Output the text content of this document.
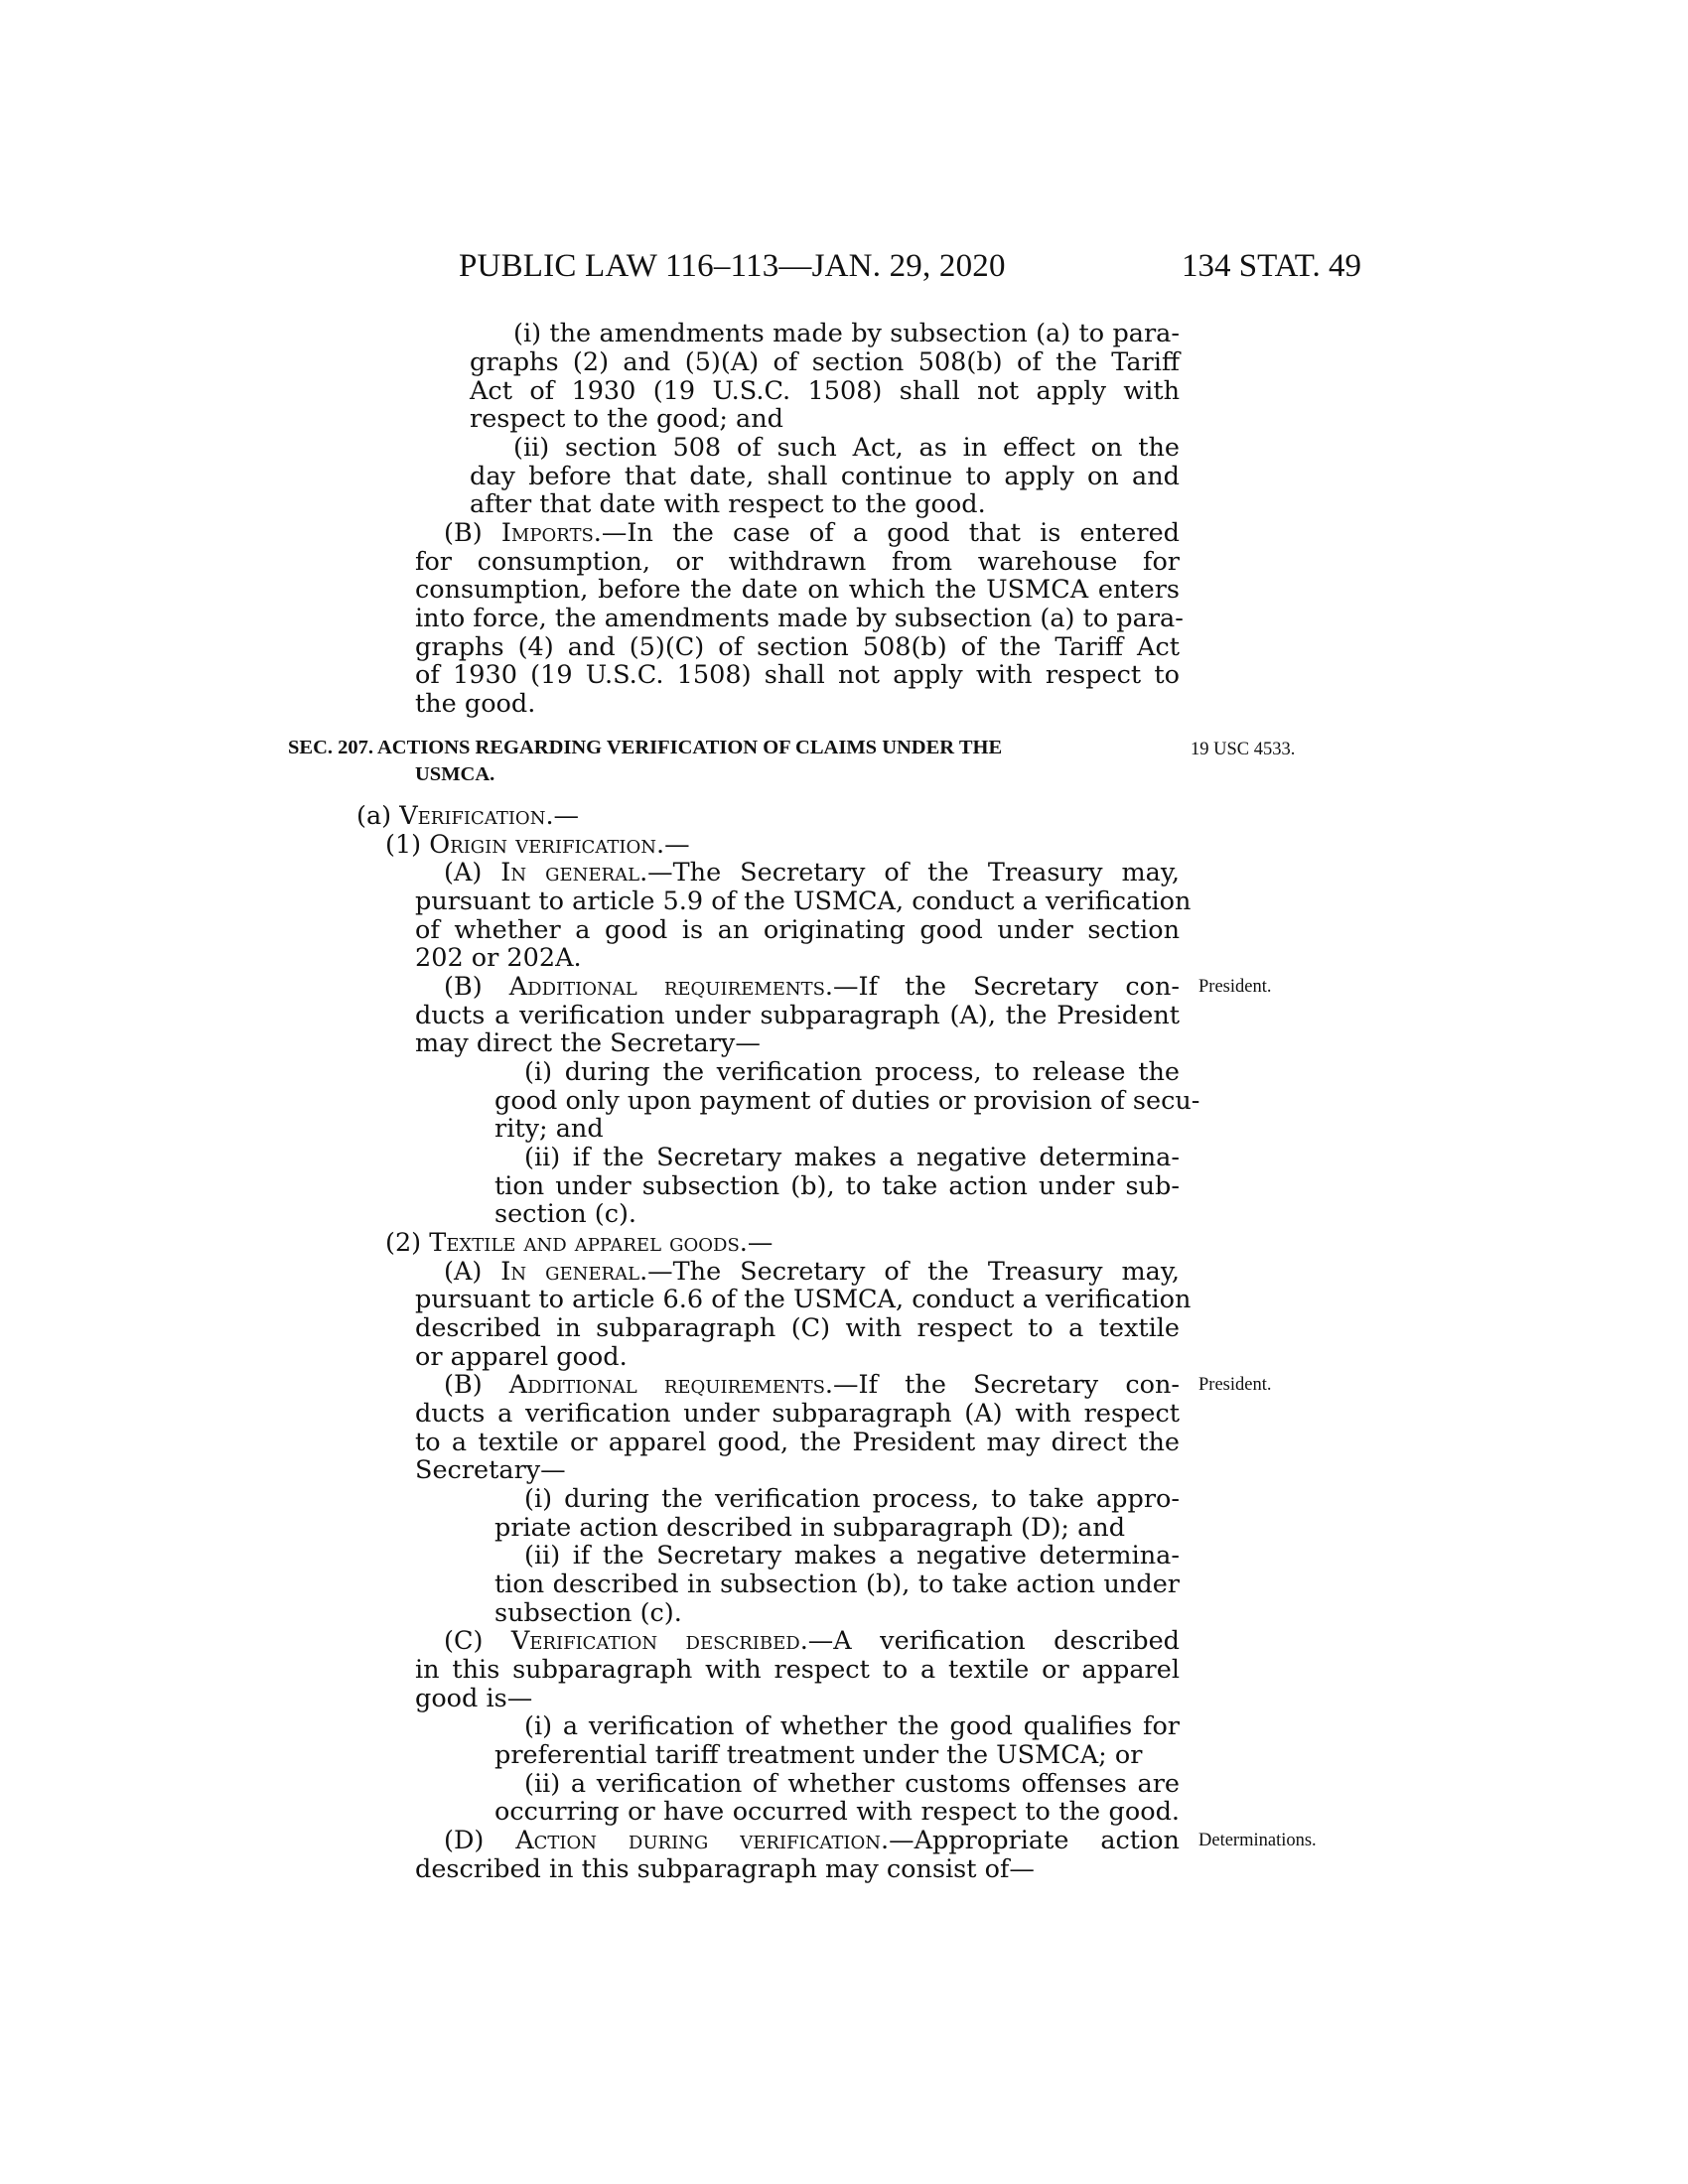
PUBLIC LAW 116–113—JAN. 29, 2020	134 STAT. 49
(i) the amendments made by subsection (a) to para-
graphs (2) and (5)(A) of section 508(b) of the Tariff
Act of 1930 (19 U.S.C. 1508) shall not apply with
respect to the good; and
(ii) section 508 of such Act, as in effect on the
day before that date, shall continue to apply on and
after that date with respect to the good.
(B) Imports.—In the case of a good that is entered
for consumption, or withdrawn from warehouse for
consumption, before the date on which the USMCA enters
into force, the amendments made by subsection (a) to para-
graphs (4) and (5)(C) of section 508(b) of the Tariff Act
of 1930 (19 U.S.C. 1508) shall not apply with respect to
the good.
SEC. 207. ACTIONS REGARDING VERIFICATION OF CLAIMS UNDER THE
USMCA.
19 USC 4533.
(a) Verification.—
(1) Origin verification.—
(A) In general.—The Secretary of the Treasury may,
pursuant to article 5.9 of the USMCA, conduct a verification
of whether a good is an originating good under section
202 or 202A.
(B) Additional requirements.—If the Secretary con- President.
ducts a verification under subparagraph (A), the President
may direct the Secretary—
(i) during the verification process, to release the
good only upon payment of duties or provision of secu-
rity; and
(ii) if the Secretary makes a negative determina-
tion under subsection (b), to take action under sub-
section (c).
(2) Textile and apparel goods.—
(A) In general.—The Secretary of the Treasury may,
pursuant to article 6.6 of the USMCA, conduct a verification
described in subparagraph (C) with respect to a textile
or apparel good.
(B) Additional requirements.—If the Secretary con- President.
ducts a verification under subparagraph (A) with respect
to a textile or apparel good, the President may direct the
Secretary—
(i) during the verification process, to take appro-
priate action described in subparagraph (D); and
(ii) if the Secretary makes a negative determina-
tion described in subsection (b), to take action under
subsection (c).
(C) Verification described.—A verification described
in this subparagraph with respect to a textile or apparel
good is—
(i) a verification of whether the good qualifies for
preferential tariff treatment under the USMCA; or
(ii) a verification of whether customs offenses are
occurring or have occurred with respect to the good.
(D) Action during verification.—Appropriate action Determinations.
described in this subparagraph may consist of—
